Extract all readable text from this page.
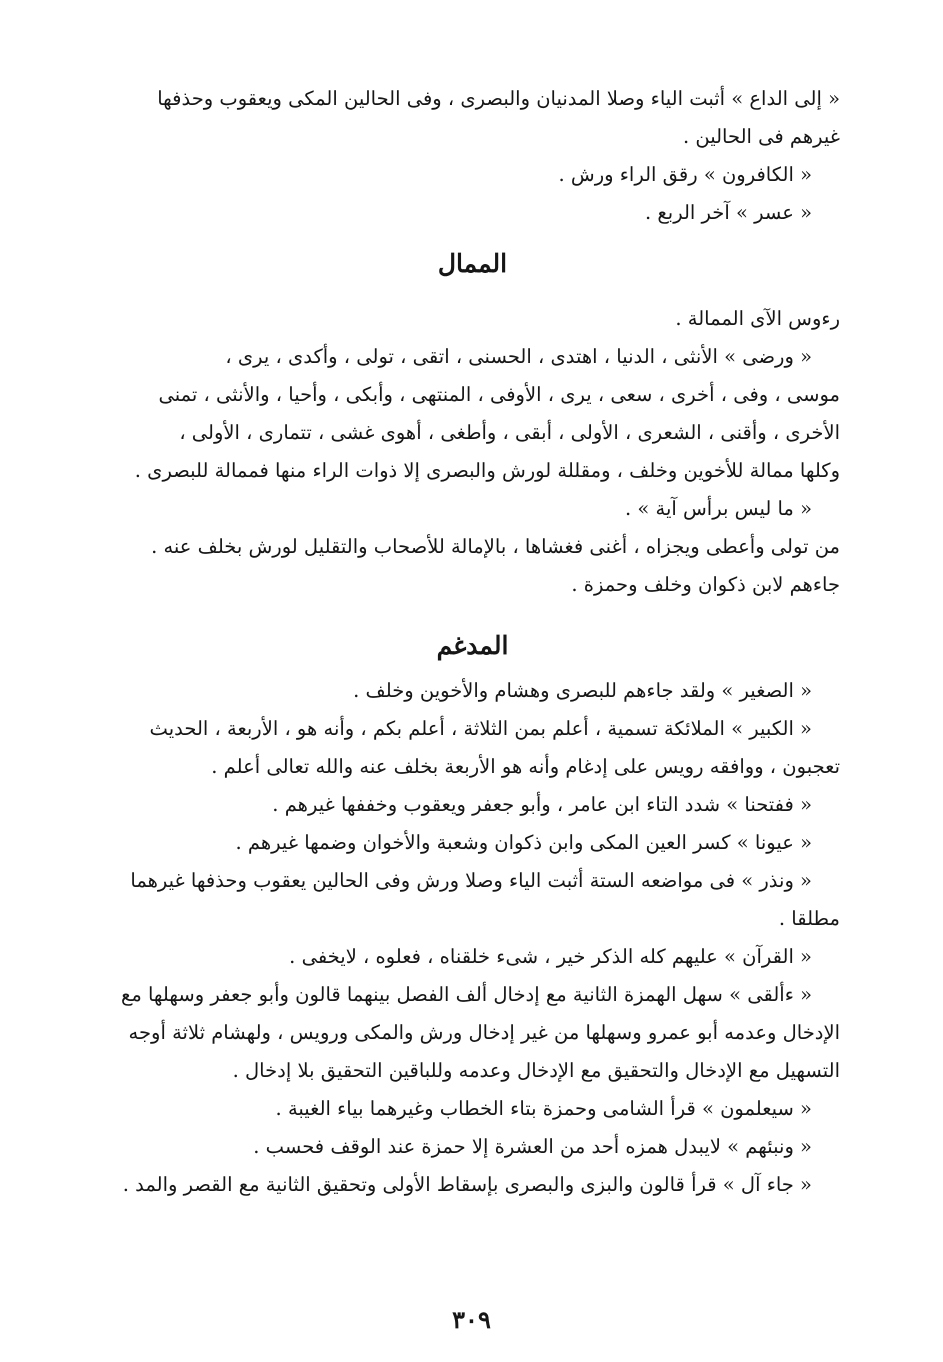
« إلى الداع » أثبت الياء وصلا المدنيان والبصرى ، وفى الحالين المكى ويعقوب وحذفها

غيرهم فى الحالين .

« الكافرون » رقق الراء ورش .

« عسر » آخر الربع .

الممال

رءوس الآى الممالة .

« ورضى » الأنثى ، الدنيا ، اهتدى ، الحسنى ، اتقى ، تولى ، وأكدى ، يرى ،

موسى ، وفى ، أخرى ، سعى ، يرى ، الأوفى ، المنتهى ، وأبكى ، وأحيا ، والأنثى ، تمنى

الأخرى ، وأقنى ، الشعرى ، الأولى ، أبقى ، وأطغى ، أهوى غشى ، تتمارى ، الأولى ،

وكلها ممالة للأخوين وخلف ، ومقللة لورش والبصرى إلا ذوات الراء منها فممالة للبصرى .

« ما ليس برأس آية » .

من تولى وأعطى ويجزاه ، أغنى فغشاها ، بالإمالة للأصحاب والتقليل لورش بخلف عنه .

جاءهم لابن ذكوان وخلف وحمزة .

المدغم

« الصغير » ولقد جاءهم للبصرى وهشام والأخوين وخلف .

« الكبير » الملائكة تسمية ، أعلم بمن الثلاثة ، أعلم بكم ، وأنه هو ، الأربعة ، الحديث

تعجبون ، ووافقه رويس على إدغام وأنه هو الأربعة بخلف عنه والله تعالى أعلم .

« ففتحنا » شدد التاء ابن عامر ، وأبو جعفر ويعقوب وخففها غيرهم .

« عيونا » كسر العين المكى وابن ذكوان وشعبة والأخوان وضمها غيرهم .

« ونذر » فى مواضعه الستة أثبت الياء وصلا ورش وفى الحالين يعقوب وحذفها غيرهما

مطلقا .

« القرآن » عليهم كله الذكر خير ، شىء خلقناه ، فعلوه ، لايخفى .

« ءألقى » سهل الهمزة الثانية مع إدخال ألف الفصل بينهما قالون وأبو جعفر وسهلها مع

الإدخال وعدمه أبو عمرو وسهلها من غير إدخال ورش والمكى ورويس ، ولهشام ثلاثة أوجه

التسهيل مع الإدخال والتحقيق مع الإدخال وعدمه وللباقين التحقيق بلا إدخال .

« سيعلمون » قرأ الشامى وحمزة بتاء الخطاب وغيرهما بياء الغيبة .

« ونبئهم » لايبدل همزه أحد من العشرة إلا حمزة عند الوقف فحسب .

« جاء آل » قرأ قالون والبزى والبصرى بإسقاط الأولى وتحقيق الثانية مع القصر والمد .

٣٠٩
